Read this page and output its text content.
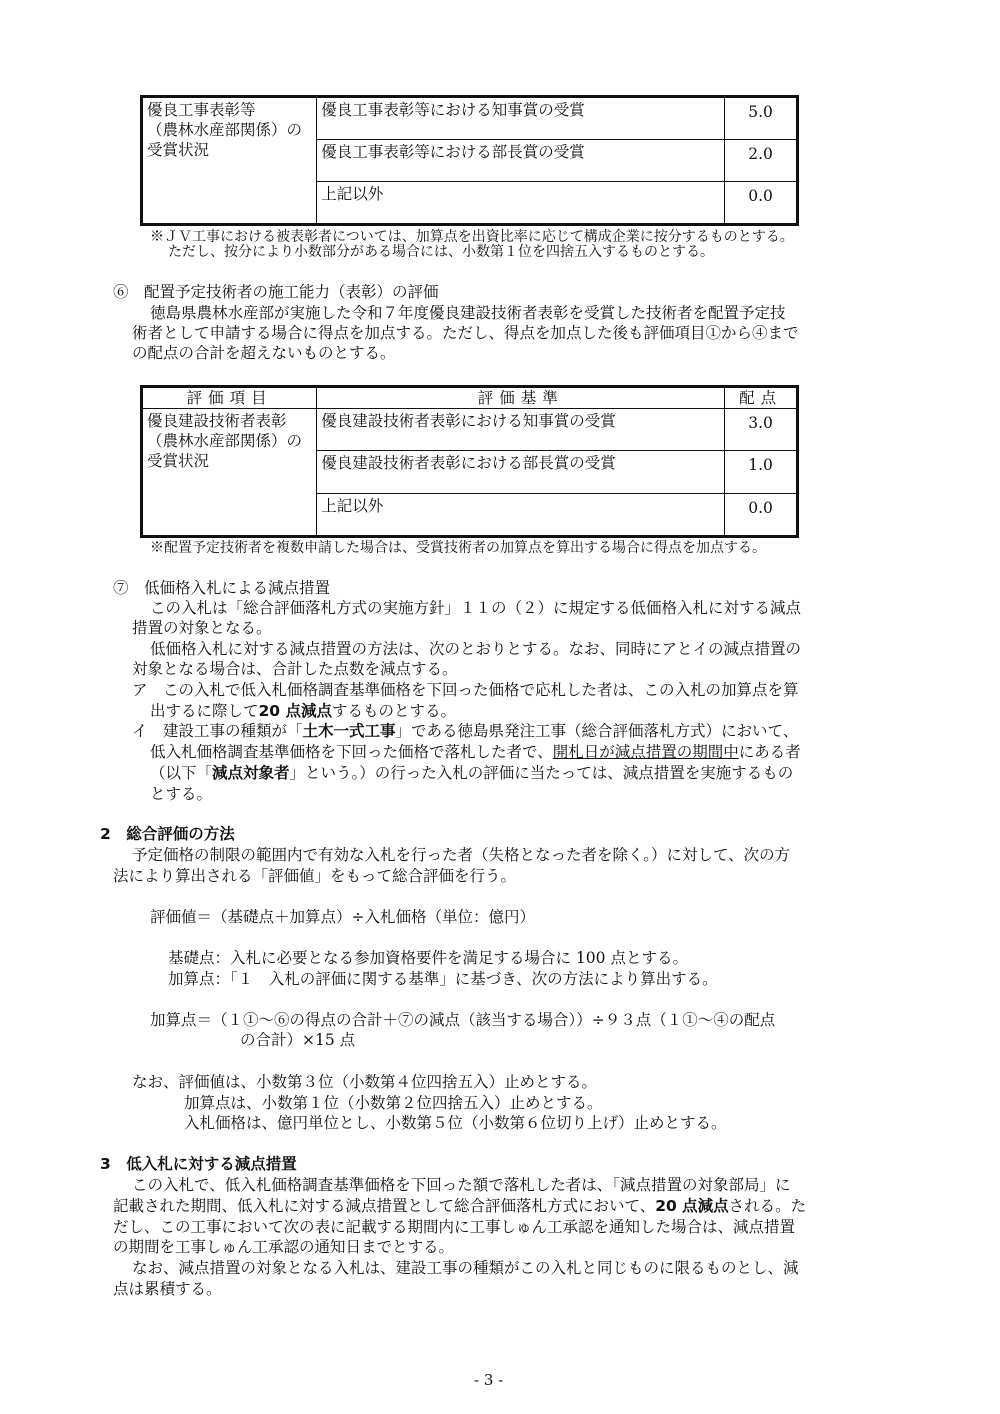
優良工事表彰等
（農林水産部関係）の
受賞状況	優良工事表彰等における知事賞の受賞	5.0
	優良工事表彰等における部長賞の受賞	2.0
	上記以外	0.0
※ＪＶ工事における被表彰者については、加算点を出資比率に応じて構成企業に按分するものとする。
ただし、按分により小数部分がある場合には、小数第１位を四捨五入するものとする。
⑥　配置予定技術者の施工能力（表彰）の評価
徳島県農林水産部が実施した令和７年度優良建設技術者表彰を受賞した技術者を配置予定技
術者として申請する場合に得点を加点する。ただし、得点を加点した後も評価項目①から④まで
の配点の合計を超えないものとする。
評価項目	評価基準	配点

優良建設技術者表彰
（農林水産部関係）の
受賞状況	優良建設技術者表彰における知事賞の受賞	3.0
	優良建設技術者表彰における部長賞の受賞	1.0
	上記以外	0.0
※配置予定技術者を複数申請した場合は、受賞技術者の加算点を算出する場合に得点を加点する。
⑦　低価格入札による減点措置
この入札は「総合評価落札方式の実施方針」１１の（２）に規定する低価格入札に対する減点
措置の対象となる。
低価格入札に対する減点措置の方法は、次のとおりとする。なお、同時にアとイの減点措置の
対象となる場合は、合計した点数を減点する。
ア　この入札で低入札価格調査基準価格を下回った価格で応札した者は、この入札の加算点を算
出するに際して20 点減点するものとする。
イ　建設工事の種類が「土木一式工事」である徳島県発注工事（総合評価落札方式）において、
低入札価格調査基準価格を下回った価格で落札した者で、開札日が減点措置の期間中にある者
（以下「減点対象者」という。）の行った入札の評価に当たっては、減点措置を実施するもの
とする。
2　総合評価の方法
予定価格の制限の範囲内で有効な入札を行った者（失格となった者を除く。）に対して、次の方
法により算出される「評価値」をもって総合評価を行う。
評価値＝（基礎点＋加算点）÷入札価格（単位：億円）
基礎点：入札に必要となる参加資格要件を満足する場合に 100 点とする。
加算点：「１　入札の評価に関する基準」に基づき、次の方法により算出する。
加算点＝（１①～⑥の得点の合計＋⑦の減点（該当する場合））÷９３点（１①～④の配点
の合計）×15 点
なお、評価値は、小数第３位（小数第４位四捨五入）止めとする。
加算点は、小数第１位（小数第２位四捨五入）止めとする。
入札価格は、億円単位とし、小数第５位（小数第６位切り上げ）止めとする。
3　低入札に対する減点措置
この入札で、低入札価格調査基準価格を下回った額で落札した者は、「減点措置の対象部局」に
記載された期間、低入札に対する減点措置として総合評価落札方式において、20 点減点される。た
だし、この工事において次の表に記載する期間内に工事しゅん工承認を通知した場合は、減点措置
の期間を工事しゅん工承認の通知日までとする。
なお、減点措置の対象となる入札は、建設工事の種類がこの入札と同じものに限るものとし、減
点は累積する。
- 3 -
